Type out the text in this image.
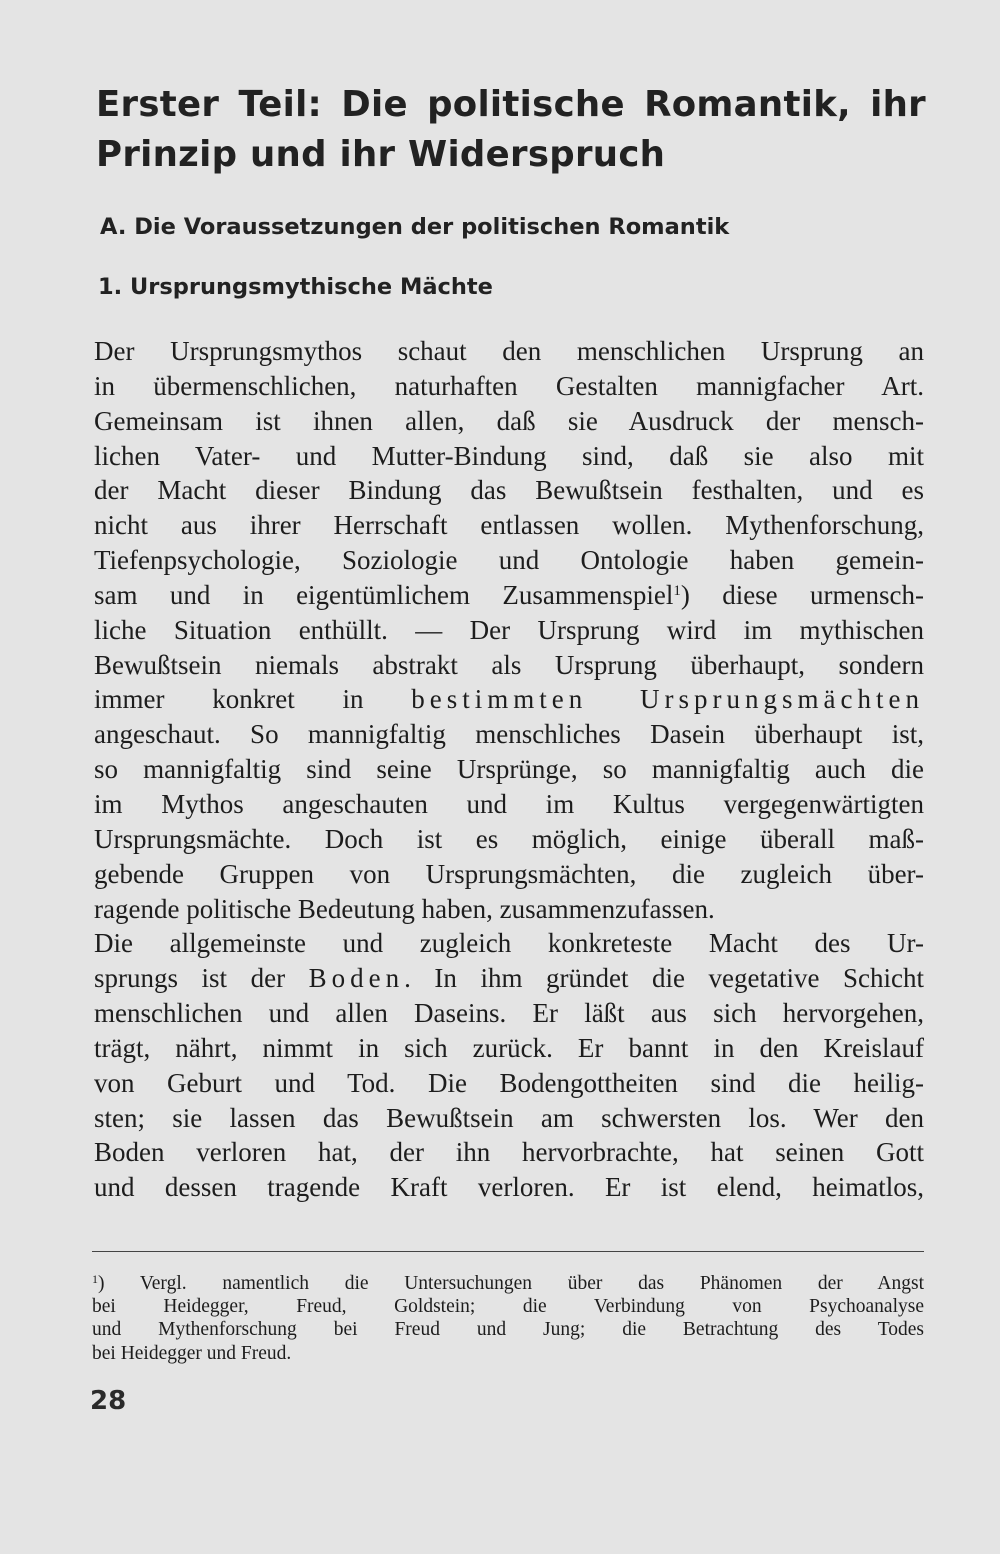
Erster Teil: Die politische Romantik, ihr Prinzip und ihr Widerspruch
A. Die Voraussetzungen der politischen Romantik
1. Ursprungsmythische Mächte
Der Ursprungsmythos schaut den menschlichen Ursprung an
in übermenschlichen, naturhaften Gestalten mannigfacher Art.
Gemeinsam ist ihnen allen, daß sie Ausdruck der mensch-
lichen Vater- und Mutter-Bindung sind, daß sie also mit
der Macht dieser Bindung das Bewußtsein festhalten, und es
nicht aus ihrer Herrschaft entlassen wollen. Mythenforschung,
Tiefenpsychologie, Soziologie und Ontologie haben gemein-
sam und in eigentümlichem Zusammenspiel$^1$) diese urmensch-
liche Situation enthüllt. — Der Ursprung wird im mythischen
Bewußtsein niemals abstrakt als Ursprung überhaupt, sondern
immer konkret in bestimmten Ursprungsmächten
angeschaut. So mannigfaltig menschliches Dasein überhaupt ist,
so mannigfaltig sind seine Ursprünge, so mannigfaltig auch die
im Mythos angeschauten und im Kultus vergegenwärtigten
Ursprungsmächte. Doch ist es möglich, einige überall maß-
gebende Gruppen von Ursprungsmächten, die zugleich über-
ragende politische Bedeutung haben, zusammenzufassen.
Die allgemeinste und zugleich konkreteste Macht des Ur-
sprungs ist der Boden. In ihm gründet die vegetative Schicht
menschlichen und allen Daseins. Er läßt aus sich hervorgehen,
trägt, nährt, nimmt in sich zurück. Er bannt in den Kreislauf
von Geburt und Tod. Die Bodengottheiten sind die heilig-
sten; sie lassen das Bewußtsein am schwersten los. Wer den
Boden verloren hat, der ihn hervorbrachte, hat seinen Gott
und dessen tragende Kraft verloren. Er ist elend, heimatlos,
$^1$) Vergl. namentlich die Untersuchungen über das Phänomen der Angst
bei Heidegger, Freud, Goldstein; die Verbindung von Psychoanalyse
und Mythenforschung bei Freud und Jung; die Betrachtung des Todes
bei Heidegger und Freud.
28
